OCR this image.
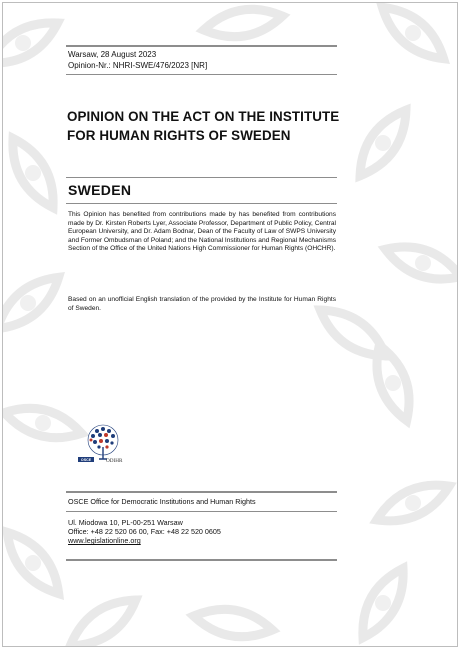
Warsaw, 28 August 2023
Opinion-Nr.: NHRI-SWE/476/2023 [NR]
OPINION ON THE ACT ON THE INSTITUTE
FOR HUMAN RIGHTS OF SWEDEN
SWEDEN
This Opinion has benefited from contributions made by has benefited from contributions made by Dr. Kirsten Roberts Lyer, Associate Professor, Department of Public Policy, Central European University, and Dr. Adam Bodnar, Dean of the Faculty of Law of SWPS University and Former Ombudsman of Poland; and the National Institutions and Regional Mechanisms Section of the Office of the United Nations High Commissioner for Human Rights (OHCHR).
Based on an unofficial English translation of the provided by the Institute for Human Rights of Sweden.
OSCE	ODIHR
OSCE Office for Democratic Institutions and Human Rights
Ul. Miodowa 10, PL-00-251 Warsaw
Office: +48 22 520 06 00, Fax: +48 22 520 0605
www.legislationline.org
